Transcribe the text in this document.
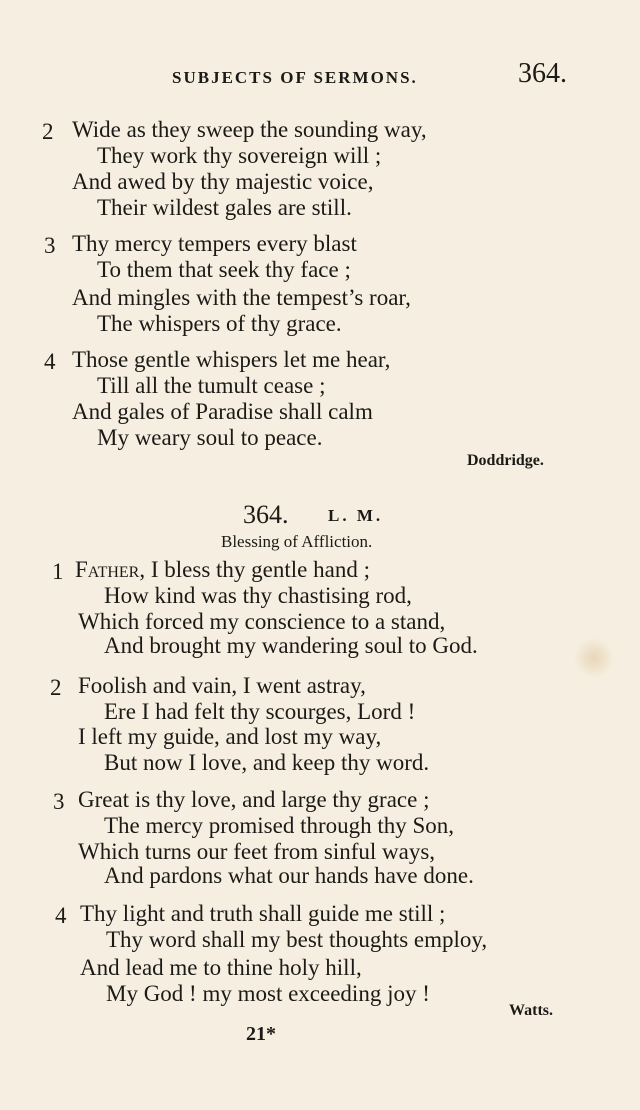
SUBJECTS OF SERMONS.	364.
2 Wide as they sweep the sounding way,
They work thy sovereign will ;
And awed by thy majestic voice,
Their wildest gales are still.
3 Thy mercy tempers every blast
To them that seek thy face ;
And mingles with the tempest’s roar,
The whispers of thy grace.
4 Those gentle whispers let me hear,
Till all the tumult cease ;
And gales of Paradise shall calm
My weary soul to peace.
Doddridge.
364. L. M.
Blessing of Affliction.
1 Father, I bless thy gentle hand ;
How kind was thy chastising rod,
Which forced my conscience to a stand,
And brought my wandering soul to God.
2 Foolish and vain, I went astray,
Ere I had felt thy scourges, Lord !
I left my guide, and lost my way,
But now I love, and keep thy word.
3 Great is thy love, and large thy grace ;
The mercy promised through thy Son,
Which turns our feet from sinful ways,
And pardons what our hands have done.
4 Thy light and truth shall guide me still ;
Thy word shall my best thoughts employ,
And lead me to thine holy hill,
My God ! my most exceeding joy !
Watts.
21*
